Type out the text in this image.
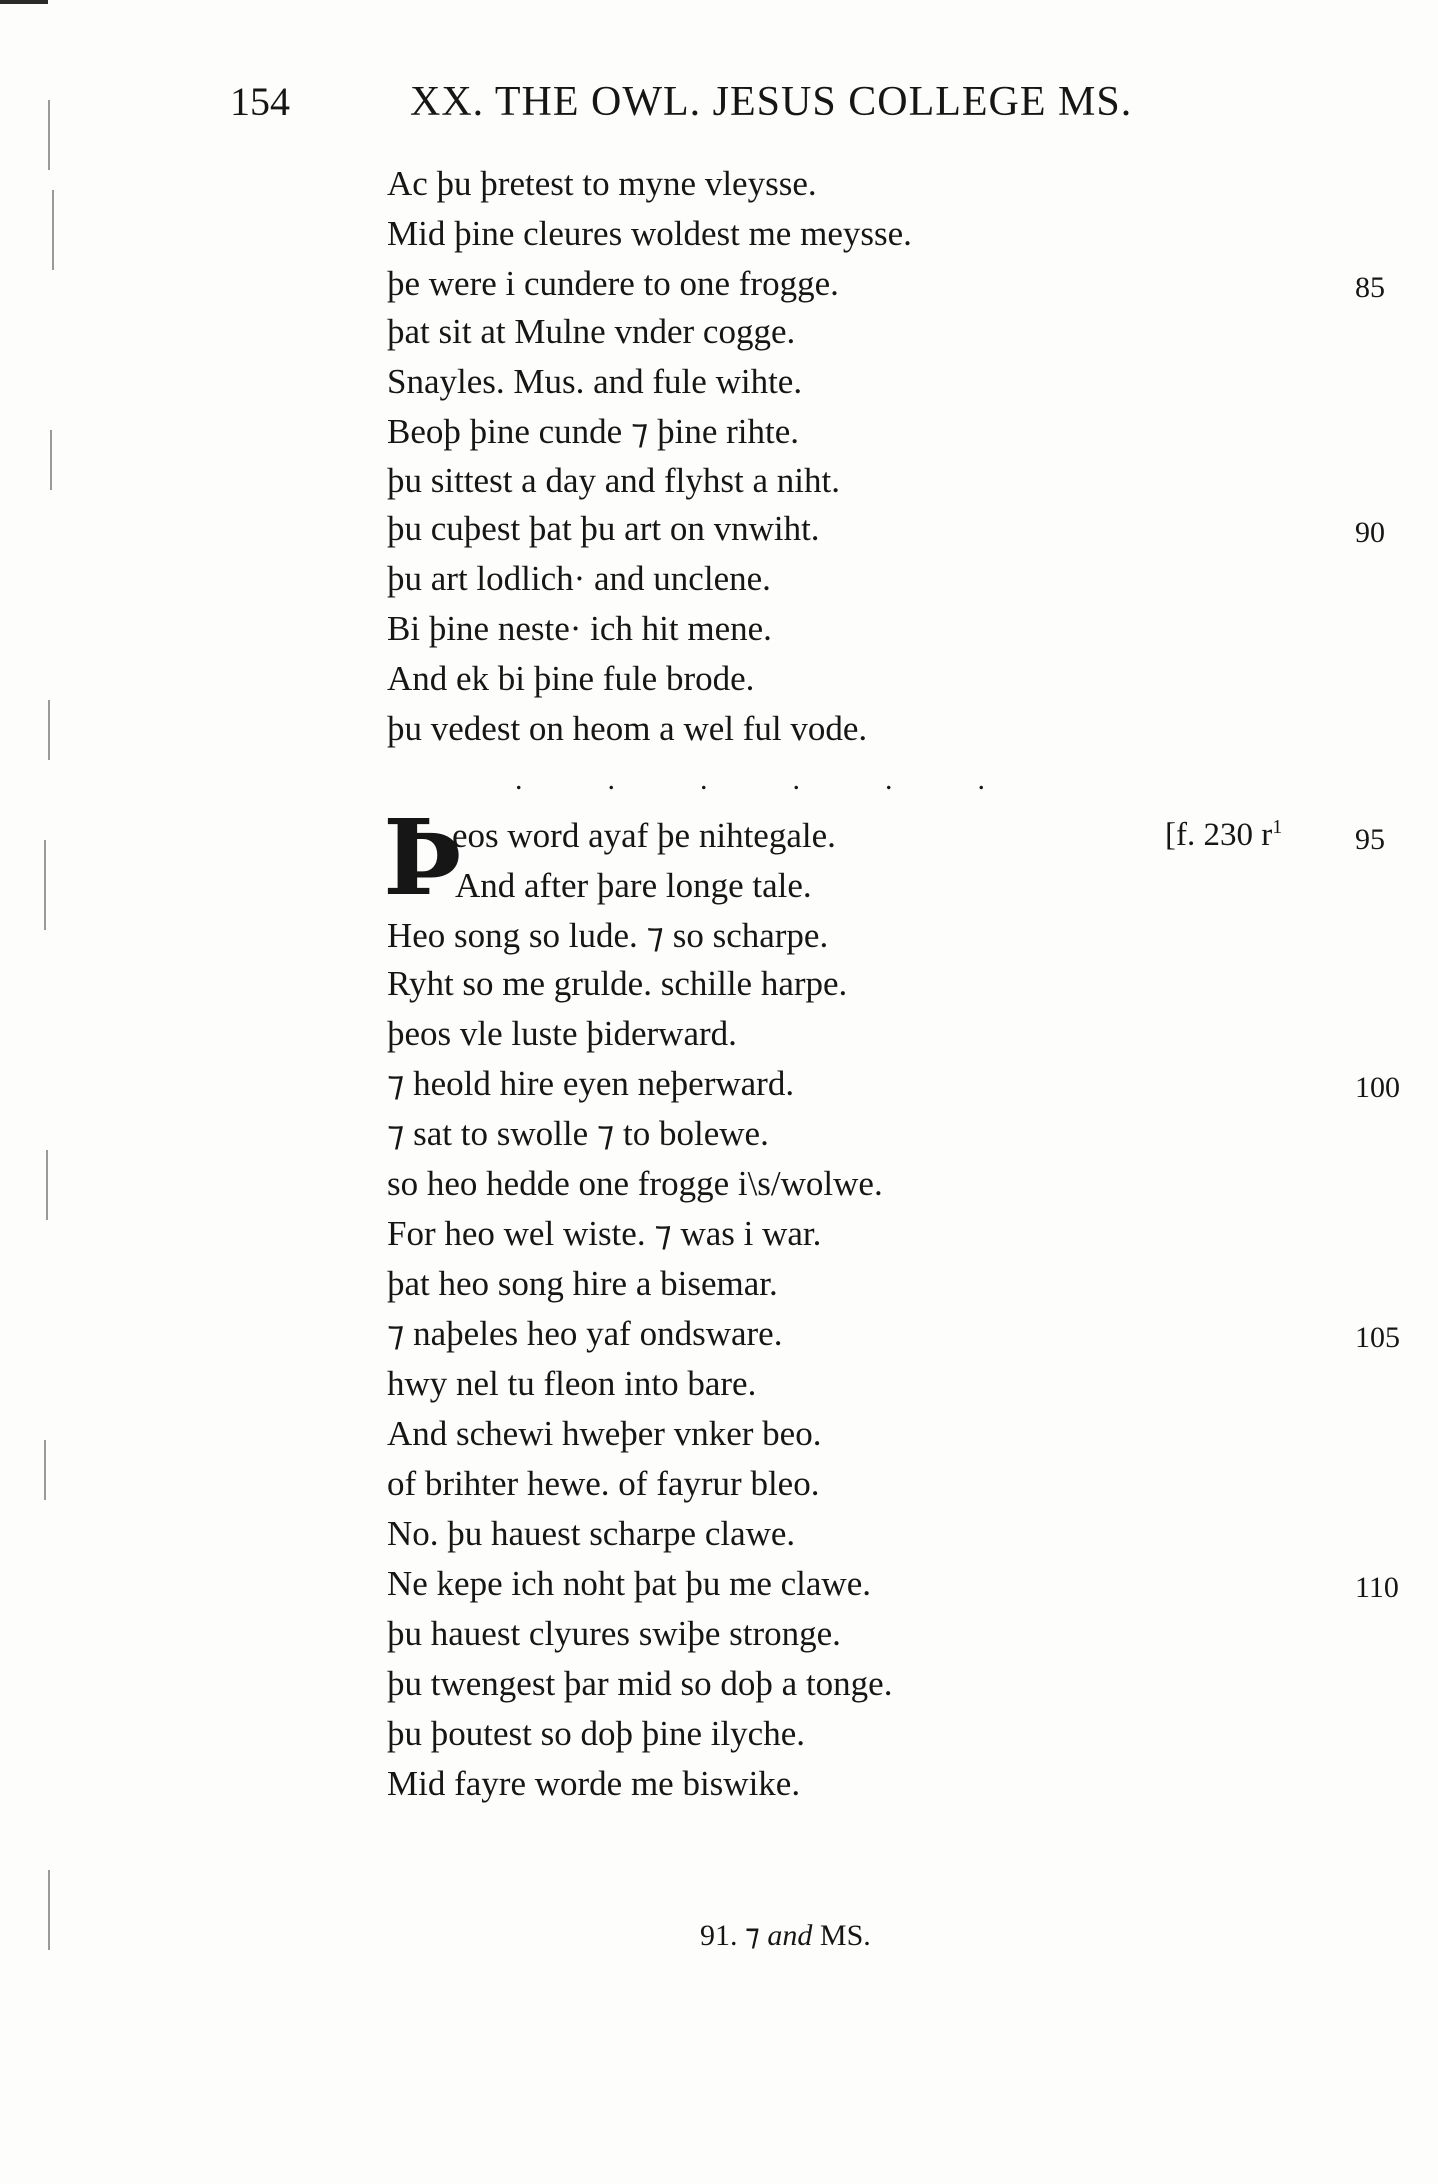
154	XX. THE OWL. JESUS COLLEGE MS.
Ac þu þretest to myne vleysse.
Mid þine cleures woldest me meysse.
þe were i cundere to one frogge.	85
þat sit at Mulne vnder cogge.
Snayles. Mus. and fule wihte.
Beoþ þine cunde ⁊ þine rihte.
þu sittest a day and flyhst a niht.
þu cuþest þat þu art on vnwiht.	90
þu art lodlich· and unclene.
Bi þine neste· ich hit mene.
And ek bi þine fule brode.
þu vedest on heom a wel ful vode.
Þ
eos word ayaf þe nihtegale.	95
[f. 230 $r^1$
And after þare longe tale.
Heo song so lude. ⁊ so scharpe.
Ryht so me grulde. schille harpe.
þeos vle luste þiderward.
⁊ heold hire eyen neþerward.	100
⁊ sat to swolle ⁊ to bolewe.
so heo hedde one frogge i\s/wolwe.
For heo wel wiste. ⁊ was i war.
þat heo song hire a bisemar.
⁊ naþeles heo yaf ondsware.	105
hwy nel tu fleon into bare.
And schewi hweþer vnker beo.
of brihter hewe. of fayrur bleo.
No. þu hauest scharpe clawe.
Ne kepe ich noht þat þu me clawe.	110
þu hauest clyures swiþe stronge.
þu twengest þar mid so doþ a tonge.
þu þoutest so doþ þine ilyche.
Mid fayre worde me biswike.
.	.	.	.	.	.
91. ⁊ and MS.
